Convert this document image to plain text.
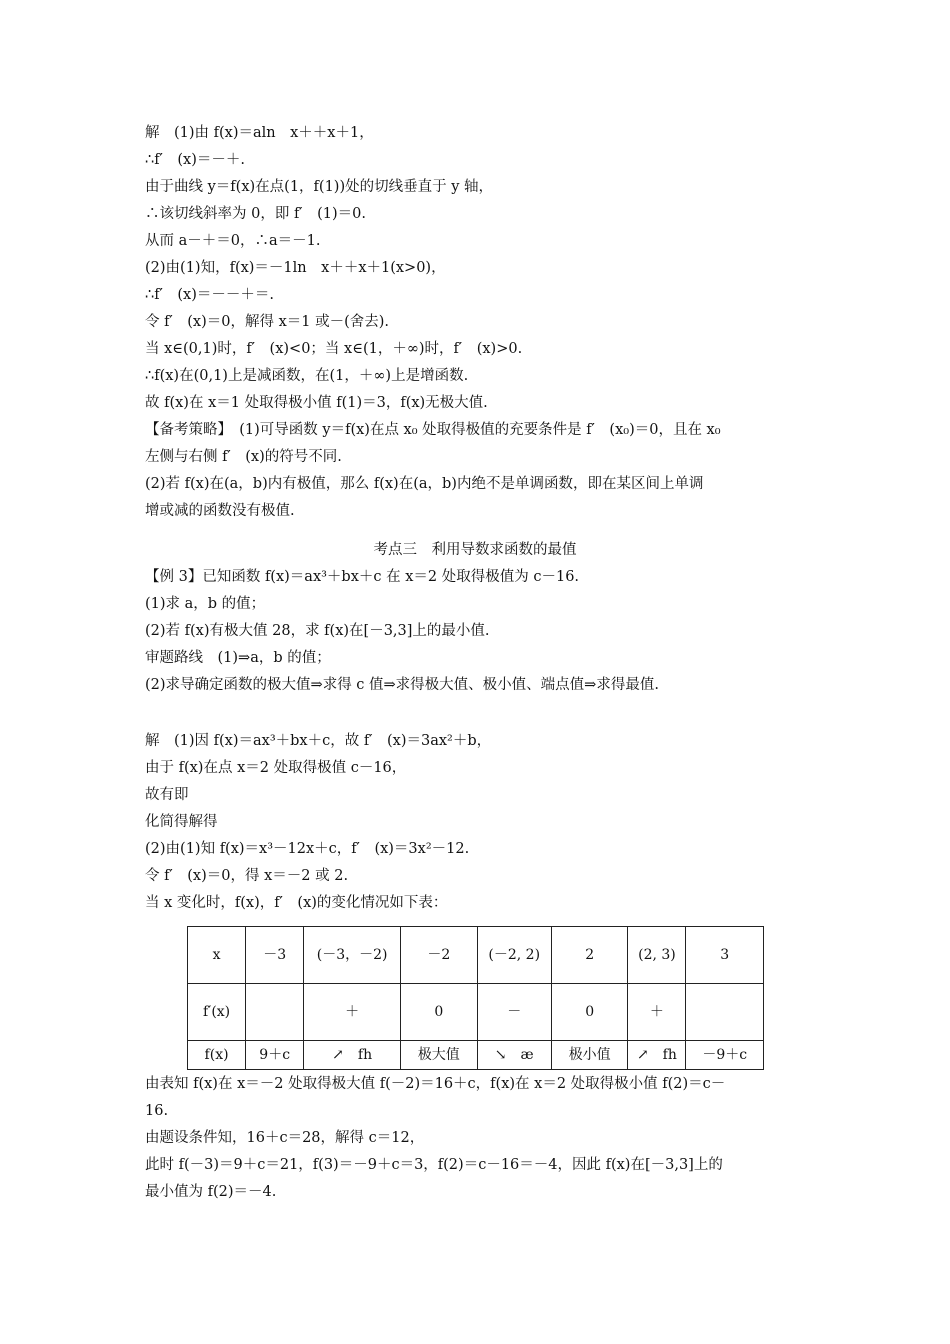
解　(1)由 f(x)＝aln　x＋＋x＋1，
∴f′　(x)＝－＋.
由于曲线 y＝f(x)在点(1，f(1))处的切线垂直于 y 轴，
∴该切线斜率为 0，即 f′　(1)＝0.
从而 a－＋＝0，∴a＝－1.
(2)由(1)知，f(x)＝－1ln　x＋＋x＋1(x>0)，
∴f′　(x)＝－－＋＝.
令 f′　(x)＝0，解得 x＝1 或－(舍去).
当 x∈(0,1)时，f′　(x)<0；当 x∈(1，＋∞)时，f′　(x)>0.
∴f(x)在(0,1)上是减函数，在(1，＋∞)上是增函数.
故 f(x)在 x＝1 处取得极小值 f(1)＝3，f(x)无极大值.
【备考策略】　(1)可导函数 y＝f(x)在点 x₀ 处取得极值的充要条件是 f′　(x₀)＝0，且在 x₀
左侧与右侧 f′　(x)的符号不同.
(2)若 f(x)在(a，b)内有极值，那么 f(x)在(a，b)内绝不是单调函数，即在某区间上单调
增或减的函数没有极值.
考点三　利用导数求函数的最值
【例 3】已知函数 f(x)＝ax³＋bx＋c 在 x＝2 处取得极值为 c－16.
(1)求 a，b 的值；
(2)若 f(x)有极大值 28，求 f(x)在[－3,3]上的最小值.
审题路线　(1)⇒a，b 的值；
(2)求导确定函数的极大值⇒求得 c 值⇒求得极大值、极小值、端点值⇒求得最值.
解　(1)因 f(x)＝ax³＋bx＋c，故 f′　(x)＝3ax²＋b，
由于 f(x)在点 x＝2 处取得极值 c－16，
故有即
化简得解得
(2)由(1)知 f(x)＝x³－12x＋c，f′　(x)＝3x²－12.
令 f′　(x)＝0，得 x＝－2 或 2.
当 x 变化时，f(x)，f′　(x)的变化情况如下表：
x	－3	(－3，－2)	－2	(－2, 2)	2	(2, 3)	3
f′(x)		＋	0	－	0	＋	
f(x)	9＋c	↗　fh	极大值	↘　æ	极小值	↗　fh	－9＋c
由表知 f(x)在 x＝－2 处取得极大值 f(－2)＝16＋c，f(x)在 x＝2 处取得极小值 f(2)＝c－
16.
由题设条件知，16＋c＝28，解得 c＝12，
此时 f(－3)＝9＋c＝21，f(3)＝－9＋c＝3，f(2)＝c－16＝－4，因此 f(x)在[－3,3]上的
最小值为 f(2)＝－4.
